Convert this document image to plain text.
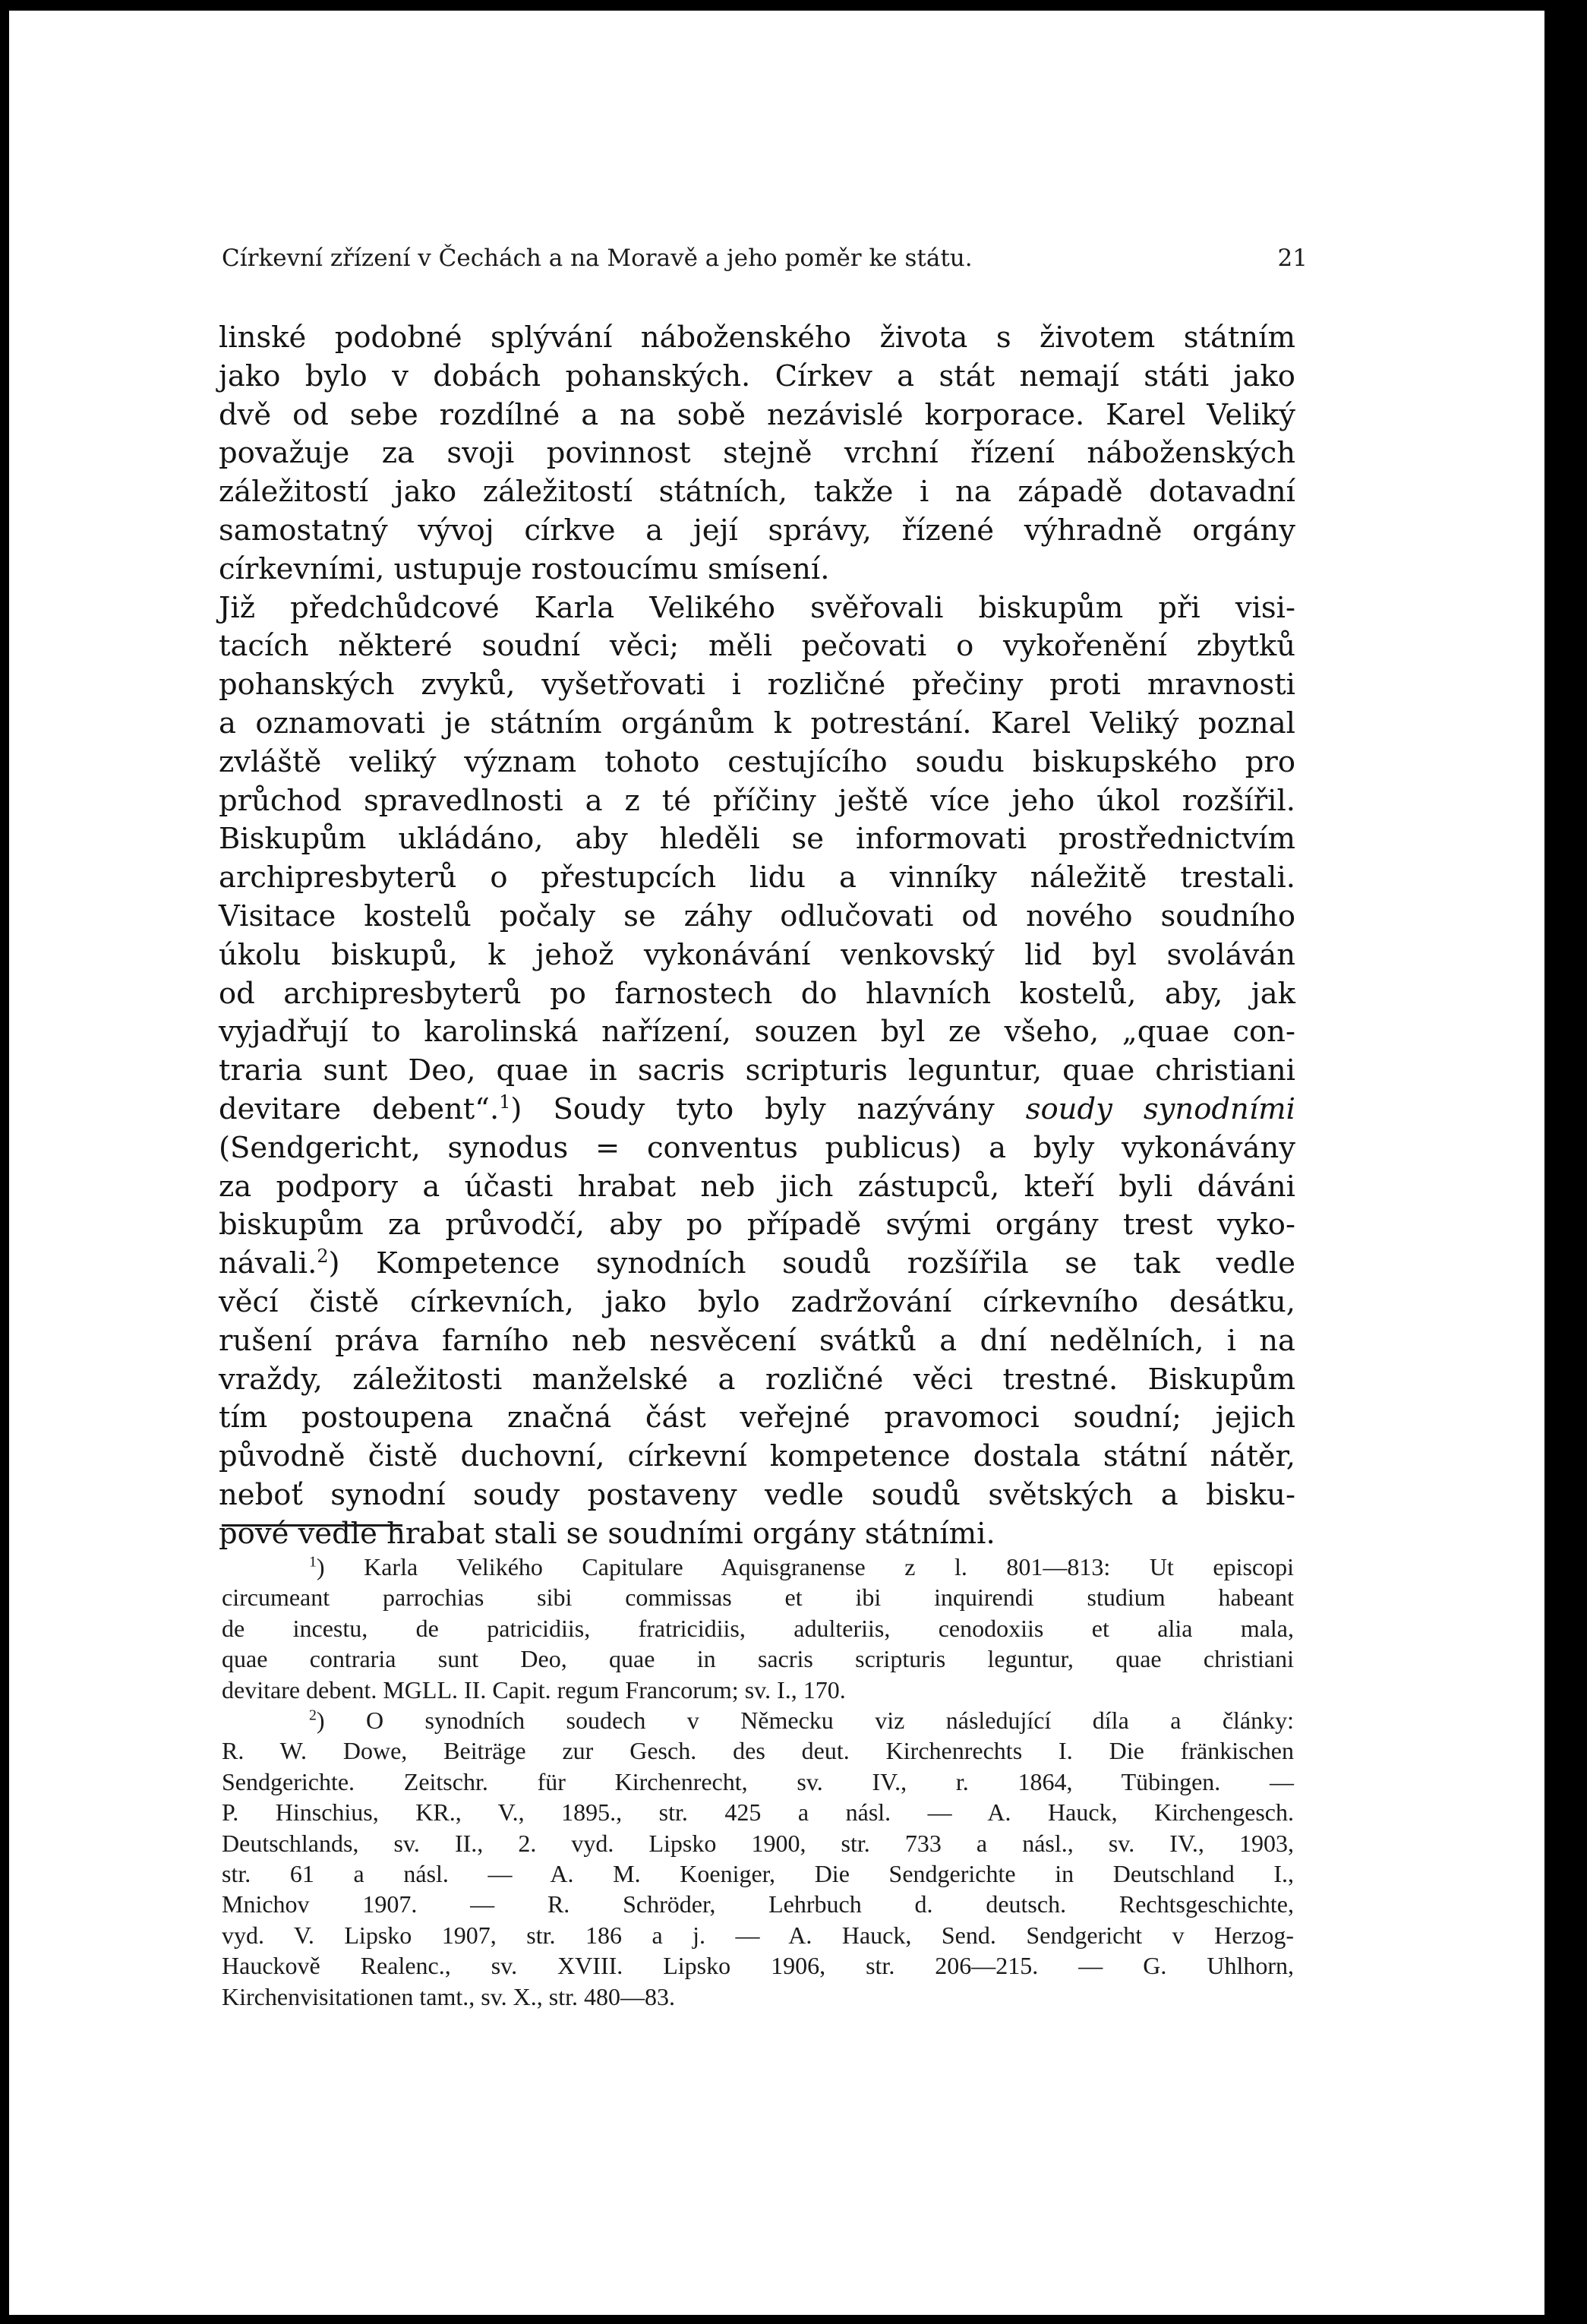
Církevní zřízení v Čechách a na Moravě a jeho poměr ke státu.	21
linské podobné splývání náboženského života s životem státním
jako bylo v dobách pohanských. Církev a stát nemají státi jako
dvě od sebe rozdílné a na sobě nezávislé korporace. Karel Veliký
považuje za svoji povinnost stejně vrchní řízení náboženských
záležitostí jako záležitostí státních, takže i na západě dotavadní
samostatný vývoj církve a její správy, řízené výhradně orgány
církevními, ustupuje rostoucímu smísení.
Již předchůdcové Karla Velikého svěřovali biskupům při visi-
tacích některé soudní věci; měli pečovati o vykořenění zbytků
pohanských zvyků, vyšetřovati i rozličné přečiny proti mravnosti
a oznamovati je státním orgánům k potrestání. Karel Veliký poznal
zvláště veliký význam tohoto cestujícího soudu biskupského pro
průchod spravedlnosti a z té příčiny ještě více jeho úkol rozšířil.
Biskupům ukládáno, aby hleděli se informovati prostřednictvím
archipresbyterů o přestupcích lidu a vinníky náležitě trestali.
Visitace kostelů počaly se záhy odlučovati od nového soudního
úkolu biskupů, k jehož vykonávání venkovský lid byl svoláván
od archipresbyterů po farnostech do hlavních kostelů, aby, jak
vyjadřují to karolinská nařízení, souzen byl ze všeho, „quae con-
traria sunt Deo, quae in sacris scripturis leguntur, quae christiani
devitare debent“.$^1$) Soudy tyto byly nazývány soudy synodními
(Sendgericht, synodus = conventus publicus) a byly vykonávány
za podpory a účasti hrabat neb jich zástupců, kteří byli dáváni
biskupům za průvodčí, aby po případě svými orgány trest vyko-
návali.$^2$) Kompetence synodních soudů rozšířila se tak vedle
věcí čistě církevních, jako bylo zadržování církevního desátku,
rušení práva farního neb nesvěcení svátků a dní nedělních, i na
vraždy, záležitosti manželské a rozličné věci trestné. Biskupům
tím postoupena značná část veřejné pravomoci soudní; jejich
původně čistě duchovní, církevní kompetence dostala státní nátěr,
neboť synodní soudy postaveny vedle soudů světských a bisku-
pové vedle hrabat stali se soudními orgány státními.
$^1$) Karla Velikého Capitulare Aquisgranense z l. 801—813: Ut episcopi
circumeant parrochias sibi commissas et ibi inquirendi studium habeant
de incestu, de patricidiis, fratricidiis, adulteriis, cenodoxiis et alia mala,
quae contraria sunt Deo, quae in sacris scripturis leguntur, quae christiani
devitare debent. MGLL. II. Capit. regum Francorum; sv. I., 170.
$^2$) O synodních soudech v Německu viz následující díla a články:
R. W. Dowe, Beiträge zur Gesch. des deut. Kirchenrechts I. Die fränkischen
Sendgerichte. Zeitschr. für Kirchenrecht, sv. IV., r. 1864, Tübingen. —
P. Hinschius, KR., V., 1895., str. 425 a násl. — A. Hauck, Kirchengesch.
Deutschlands, sv. II., 2. vyd. Lipsko 1900, str. 733 a násl., sv. IV., 1903,
str. 61 a násl. — A. M. Koeniger, Die Sendgerichte in Deutschland I.,
Mnichov 1907. — R. Schröder, Lehrbuch d. deutsch. Rechtsgeschichte,
vyd. V. Lipsko 1907, str. 186 a j. — A. Hauck, Send. Sendgericht v Herzog-
Hauckově Realenc., sv. XVIII. Lipsko 1906, str. 206—215. — G. Uhlhorn,
Kirchenvisitationen tamt., sv. X., str. 480—83.
